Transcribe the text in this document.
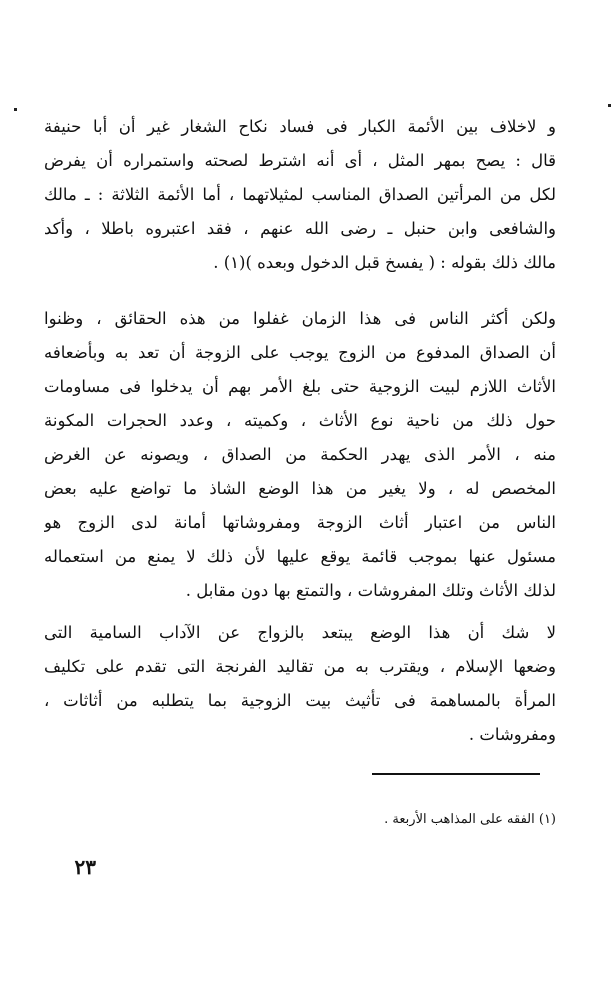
و لاخلاف بين الأئمة الكبار فى فساد نكاح الشغار غير أن أبا حنيفة
قال : يصح بمهر المثل ، أى أنه اشترط لصحته واستمراره أن يفرض
لكل من المرأتين الصداق المناسب لمثيلاتهما ، أما الأئمة الثلاثة : ـ مالك
والشافعى وابن حنبل ـ رضى الله عنهم ، فقد اعتبروه باطلا ، وأكد
مالك ذلك بقوله : ( يفسخ قبل الدخول وبعده )(١) .
ولكن أكثر الناس فى هذا الزمان غفلوا من هذه الحقائق ، وظنوا
أن الصداق المدفوع من الزوج يوجب على الزوجة أن تعد به وبأضعافه
الأثاث اللازم لبيت الزوجية حتى بلغ الأمر بهم أن يدخلوا فى مساومات
حول ذلك من ناحية نوع الأثاث ، وكميته ، وعدد الحجرات المكونة
منه ، الأمر الذى يهدر الحكمة من الصداق ، ويصونه عن الغرض
المخصص له ، ولا يغير من هذا الوضع الشاذ ما تواضع عليه بعض
الناس من اعتبار أثاث الزوجة ومفروشاتها أمانة لدى الزوج هو
مسئول عنها بموجب قائمة يوقع عليها لأن ذلك لا يمنع من استعماله
لذلك الأثاث وتلك المفروشات ، والتمتع بها دون مقابل .
لا شك أن هذا الوضع يبتعد بالزواج عن الآداب السامية التى
وضعها الإسلام ، ويقترب به من تقاليد الفرنجة التى تقدم على تكليف
المرأة بالمساهمة فى تأثيث بيت الزوجية بما يتطلبه من أثاثات ،
ومفروشات .
(١) الفقه على المذاهب الأربعة .
٢٣
